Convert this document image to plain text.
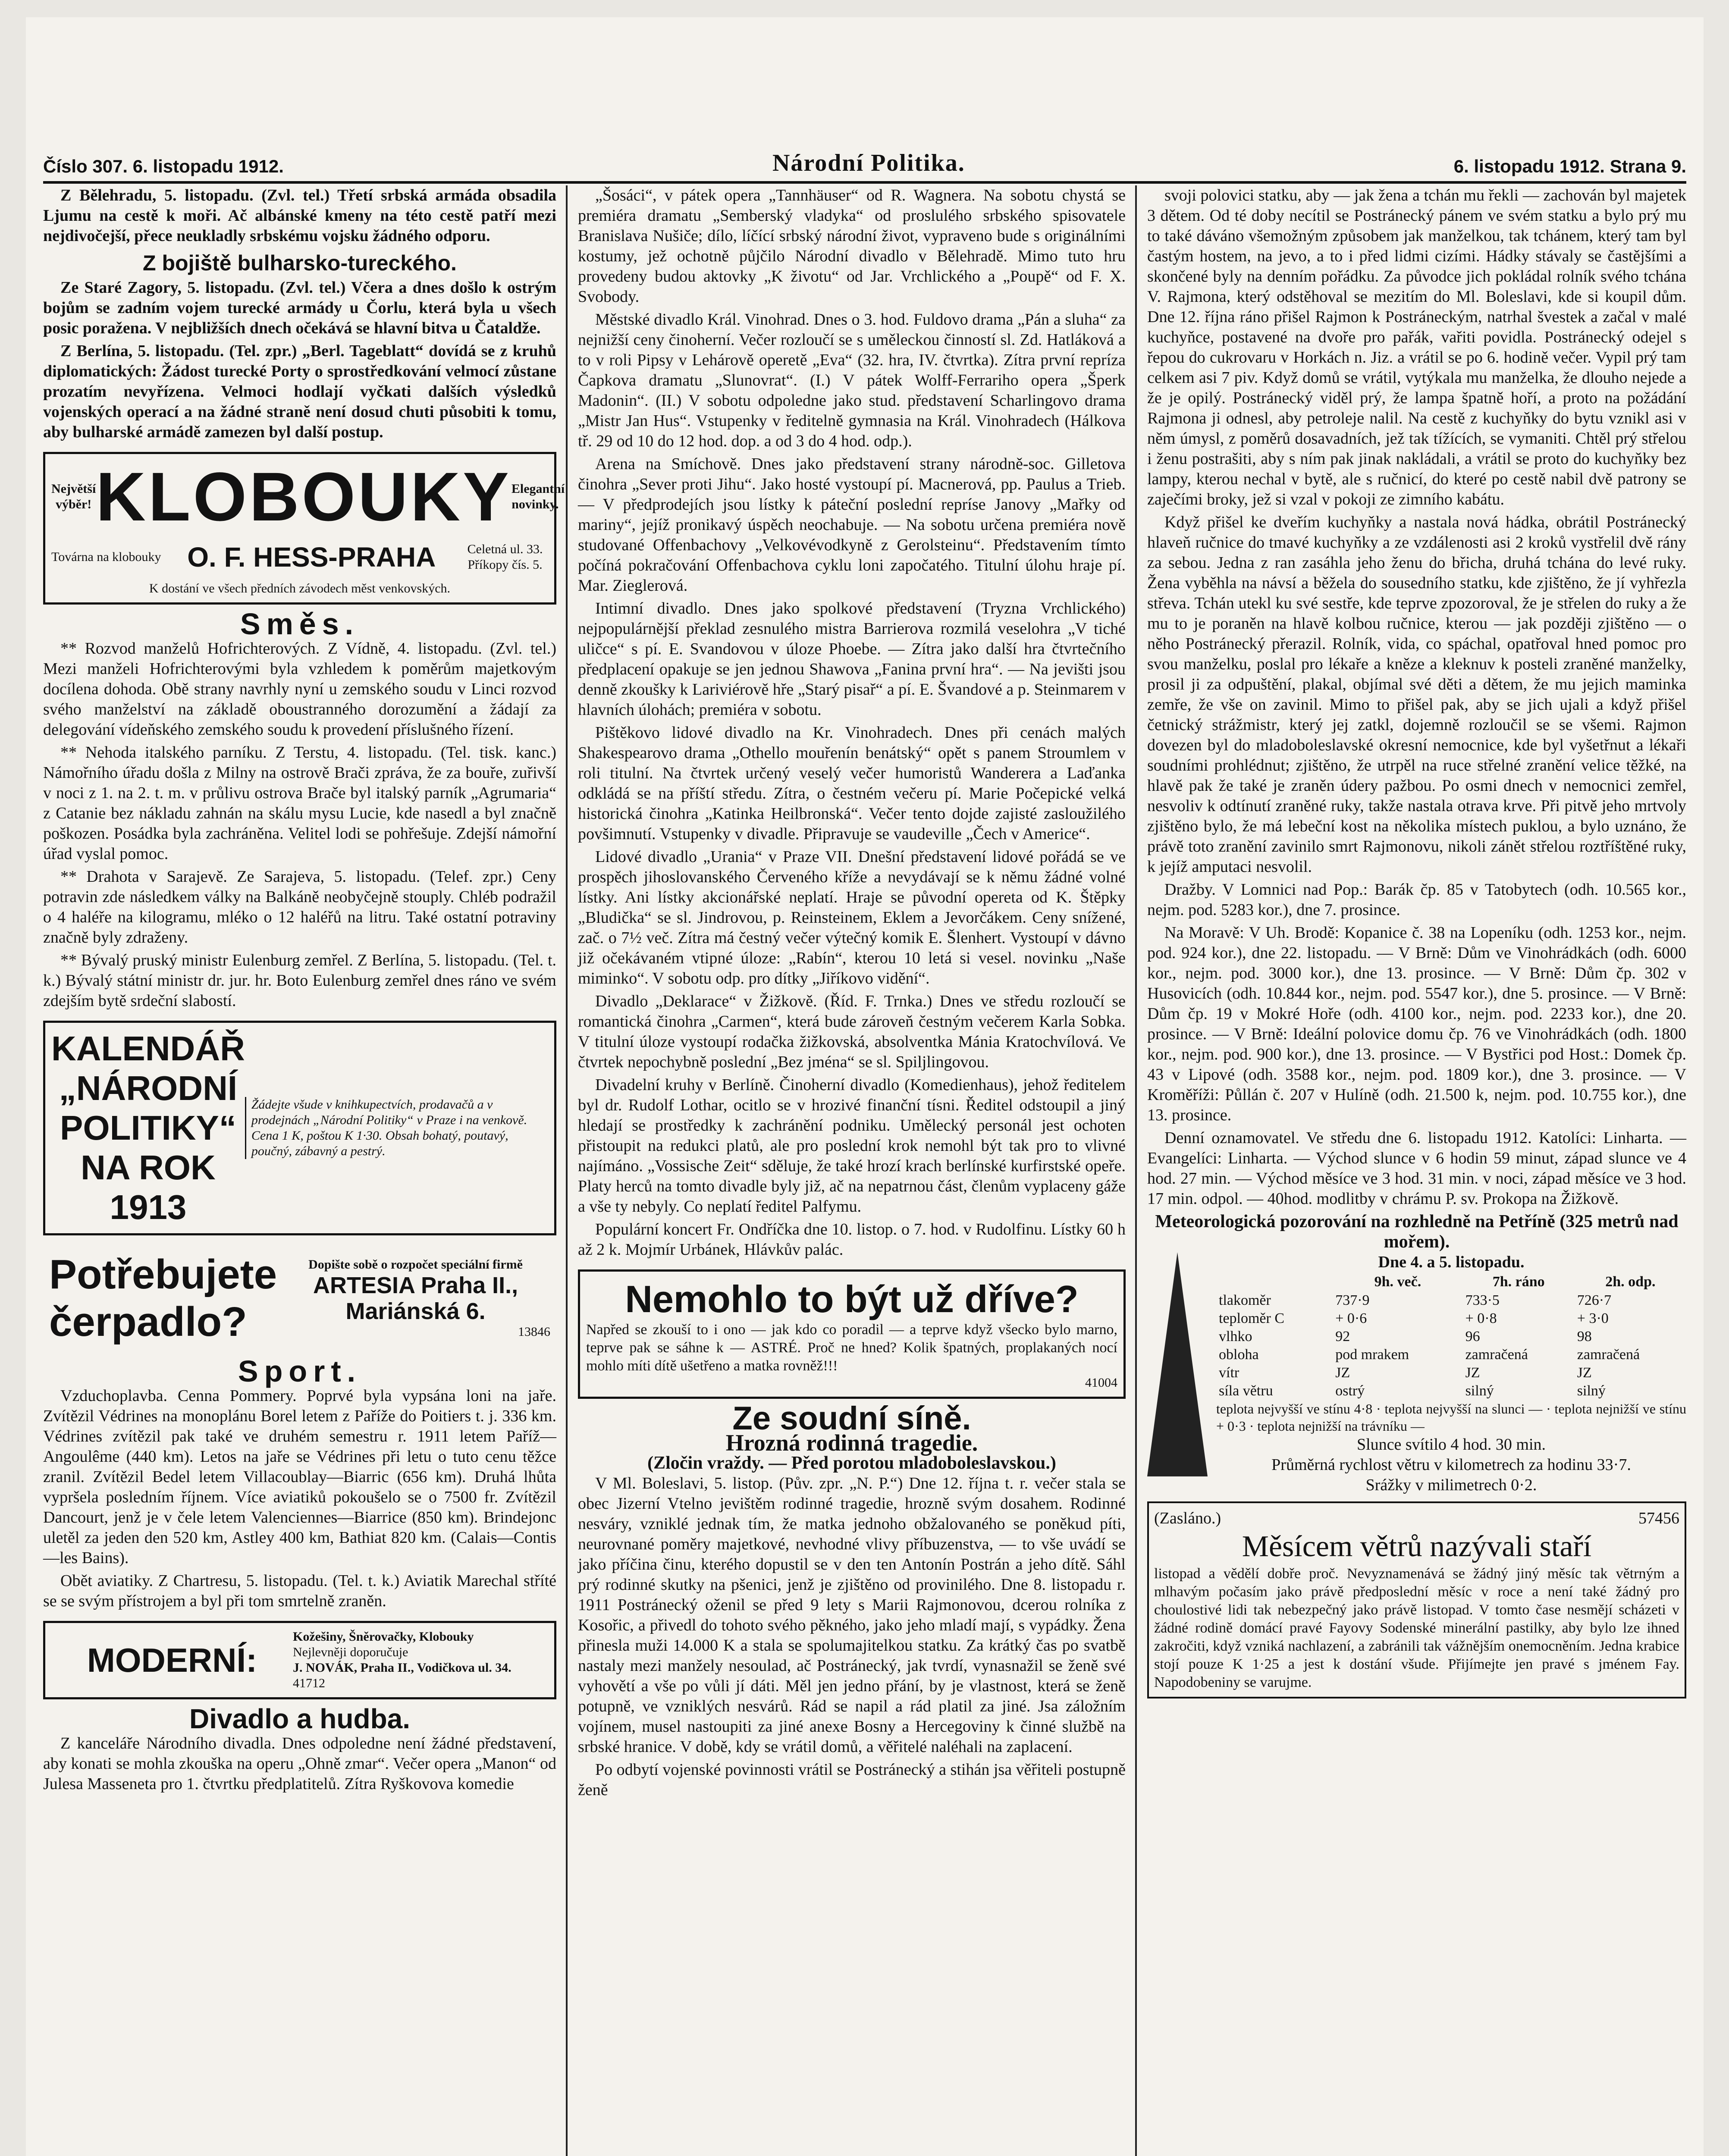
Číslo 307. 6. listopadu 1912.	Národní Politika.	6. listopadu 1912. Strana 9.

Z Bělehradu, 5. listopadu. (Zvl. tel.) Třetí srbská armáda obsadila Ljumu na cestě k moři. Ač albánské kmeny na této cestě patří mezi nejdivočejší, přece neukladly srbskému vojsku žádného odporu.

Z bojiště bulharsko-tureckého.

Ze Staré Zagory, 5. listopadu. (Zvl. tel.) Včera a dnes došlo k ostrým bojům se zadním vojem turecké armády u Čorlu, která byla u všech posic poražena. V nejbližších dnech očekává se hlavní bitva u Čataldže.

Z Berlína, 5. listopadu. (Tel. zpr.) „Berl. Tageblatt“ dovídá se z kruhů diplomatických: Žádost turecké Porty o sprostředkování velmocí zůstane prozatím nevyřízena. Velmoci hodlají vyčkati dalších výsledků vojenských operací a na žádné straně není dosud chuti působiti k tomu, aby bulharské armádě zamezen byl další postup.

Největší výběr! KLOBOUKY Elegantní novinky.
Továrna na klobouky O. F. HESS-PRAHA	Celetná ul. 33. Příkopy čís. 5.
K dostání ve všech předních závodech měst venkovských.
Směs.

** Rozvod manželů Hofrichterových. Z Vídně, 4. listopadu. (Zvl. tel.) Mezi manželi Hofrichterovými byla vzhledem k poměrům majetkovým docílena dohoda. Obě strany navrhly nyní u zemského soudu v Linci rozvod svého manželství na základě oboustranného dorozumění a žádají za delegování vídeňského zemského soudu k provedení příslušného řízení.

** Nehoda italského parníku. Z Terstu, 4. listopadu. (Tel. tisk. kanc.) Námořního úřadu došla z Milny na ostrově Brači zpráva, že za bouře, zuřivší v noci z 1. na 2. t. m. v průlivu ostrova Brače byl italský parník „Agrumaria“ z Catanie bez nákladu zahnán na skálu mysu Lucie, kde nasedl a byl značně poškozen. Posádka byla zachráněna. Velitel lodi se pohřešuje. Zdejší námořní úřad vyslal pomoc.

** Drahota v Sarajevě. Ze Sarajeva, 5. listopadu. (Telef. zpr.) Ceny potravin zde následkem války na Balkáně neobyčejně stouply. Chléb podražil o 4 haléře na kilogramu, mléko o 12 haléřů na litru. Také ostatní potraviny značně byly zdraženy.

** Bývalý pruský ministr Eulenburg zemřel. Z Berlína, 5. listopadu. (Tel. t. k.) Bývalý státní ministr dr. jur. hr. Boto Eulenburg zemřel dnes ráno ve svém zdejším bytě srdeční slabostí.

KALENDÁŘ „NÁRODNÍ POLITIKY“ NA ROK 1913
Žádejte všude v knihkupectvích, prodavačů a v prodejnách „Národní Politiky“ v Praze i na venkově. Cena 1 K, poštou K 1·30. Obsah bohatý, poutavý, poučný, zábavný a pestrý.
Potřebujete čerpadlo?
Dopište sobě o rozpočet speciální firmě
ARTESIA Praha II., Mariánská 6.
13846
Sport.

Vzduchoplavba. Cenna Pommery. Poprvé byla vypsána loni na jaře. Zvítězil Védrines na monoplánu Borel letem z Paříže do Poitiers t. j. 336 km. Védrines zvítězil pak také ve druhém semestru r. 1911 letem Paříž—Angoulême (440 km). Letos na jaře se Védrines při letu o tuto cenu těžce zranil. Zvítězil Bedel letem Villacoublay—Biarric (656 km). Druhá lhůta vypršela posledním říjnem. Více aviatiků pokoušelo se o 7500 fr. Zvítězil Dancourt, jenž je v čele letem Valenciennes—Biarrice (850 km). Brindejonc uletěl za jeden den 520 km, Astley 400 km, Bathiat 820 km. (Calais—Contis—les Bains).

Obět aviatiky. Z Chartresu, 5. listopadu. (Tel. t. k.) Aviatik Marechal stříté se se svým přístrojem a byl při tom smrtelně zraněn.

MODERNÍ:
Kožešiny, Šněrovačky, Klobouky
Nejlevněji doporučuje
J. NOVÁK, Praha II., Vodičkova ul. 34.
41712
Divadlo a hudba.

Z kanceláře Národního divadla. Dnes odpoledne není žádné představení, aby konati se mohla zkouška na operu „Ohně zmar“. Večer opera „Manon“ od Julesa Masseneta pro 1. čtvrtku předplatitelů. Zítra Ryškovova komedie

„Šosáci“, v pátek opera „Tannhäuser“ od R. Wagnera. Na sobotu chystá se premiéra dramatu „Semberský vladyka“ od proslulého srbského spisovatele Branislava Nušiče; dílo, líčící srbský národní život, vypraveno bude s originálními kostumy, jež ochotně půjčilo Národní divadlo v Bělehradě. Mimo tuto hru provedeny budou aktovky „K životu“ od Jar. Vrchlického a „Poupě“ od F. X. Svobody.

Městské divadlo Král. Vinohrad. Dnes o 3. hod. Fuldovo drama „Pán a sluha“ za nejnižší ceny činoherní. Večer rozloučí se s uměleckou činností sl. Zd. Hatláková a to v roli Pipsy v Lehárově operetě „Eva“ (32. hra, IV. čtvrtka). Zítra první repríza Čapkova dramatu „Slunovrat“. (I.) V pátek Wolff-Ferrariho opera „Šperk Madonin“. (II.) V sobotu odpoledne jako stud. představení Scharlingovo drama „Mistr Jan Hus“. Vstupenky v ředitelně gymnasia na Král. Vinohradech (Hálkova tř. 29 od 10 do 12 hod. dop. a od 3 do 4 hod. odp.).

Arena na Smíchově. Dnes jako představení strany národně-soc. Gilletova činohra „Sever proti Jihu“. Jako hosté vystoupí pí. Macnerová, pp. Paulus a Trieb. — V předprodejích jsou lístky k páteční poslední repríse Janovy „Mařky od mariny“, jejíž pronikavý úspěch neochabuje. — Na sobotu určena premiéra nově studované Offenbachovy „Velkovévodkyně z Gerolsteinu“. Představením tímto počíná pokračování Offenbachova cyklu loni započatého. Titulní úlohu hraje pí. Mar. Zieglerová.

Intimní divadlo. Dnes jako spolkové představení (Tryzna Vrchlického) nejpopulárnější překlad zesnulého mistra Barrierova rozmilá veselohra „V tiché uličce“ s pí. E. Svandovou v úloze Phoebe. — Zítra jako další hra čtvrtečního předplacení opakuje se jen jednou Shawova „Fanina první hra“. — Na jevišti jsou denně zkoušky k Lariviérově hře „Starý pisař“ a pí. E. Švandové a p. Steinmarem v hlavních úlohách; premiéra v sobotu.

Pištěkovo lidové divadlo na Kr. Vinohradech. Dnes při cenách malých Shakespearovo drama „Othello mouřenín benátský“ opět s panem Stroumlem v roli titulní. Na čtvrtek určený veselý večer humoristů Wanderera a Laďanka odkládá se na příští středu. Zítra, o čestném večeru pí. Marie Počepické velká historická činohra „Katinka Heilbronská“. Večer tento dojde zajisté zasloužilého povšimnutí. Vstupenky v divadle. Připravuje se vaudeville „Čech v Americe“.

Lidové divadlo „Urania“ v Praze VII. Dnešní představení lidové pořádá se ve prospěch jihoslovanského Červeného kříže a nevydávají se k němu žádné volné lístky. Ani lístky akcionářské neplatí. Hraje se původní opereta od K. Štěpky „Bludička“ se sl. Jindrovou, p. Reinsteinem, Eklem a Jevorčákem. Ceny snížené, zač. o 7½ več. Zítra má čestný večer výtečný komik E. Šlenhert. Vystoupí v dávno již očekávaném vtipné úloze: „Rabín“, kterou 10 letá si vesel. novinku „Naše miminko“. V sobotu odp. pro dítky „Jiříkovo vidění“.

Divadlo „Deklarace“ v Žižkově. (Říd. F. Trnka.) Dnes ve středu rozloučí se romantická činohra „Carmen“, která bude zároveň čestným večerem Karla Sobka. V titulní úloze vystoupí rodačka žižkovská, absolventka Mánia Kratochvílová. Ve čtvrtek nepochybně poslední „Bez jména“ se sl. Spiljlingovou.

Divadelní kruhy v Berlíně. Činoherní divadlo (Komedienhaus), jehož ředitelem byl dr. Rudolf Lothar, ocitlo se v hrozivé finanční tísni. Ředitel odstoupil a jiný hledají se prostředky k zachránění podniku. Umělecký personál jest ochoten přistoupit na redukci platů, ale pro poslední krok nemohl být tak pro to vlivné najímáno. „Vossische Zeit“ sděluje, že také hrozí krach berlínské kurfirstské opeře. Platy herců na tomto divadle byly již, ač na nepatrnou část, členům vyplaceny gáže a vše ty nebyly. Co neplatí ředitel Palfymu.

Populární koncert Fr. Ondříčka dne 10. listop. o 7. hod. v Rudolfinu. Lístky 60 h až 2 k. Mojmír Urbánek, Hlávkův palác.

Nemohlo to být už dříve?
Napřed se zkouší to i ono — jak kdo co poradil — a teprve když všecko bylo marno, teprve pak se sáhne k — ASTRÉ. Proč ne hned? Kolik špatných, proplakaných nocí mohlo míti dítě ušetřeno a matka rovněž!!!
41004
Ze soudní síně.
Hrozná rodinná tragedie.
(Zločin vraždy. — Před porotou mladoboleslavskou.)

V Ml. Boleslavi, 5. listop. (Pův. zpr. „N. P.“) Dne 12. října t. r. večer stala se obec Jizerní Vtelno jevištěm rodinné tragedie, hrozně svým dosahem. Rodinné nesváry, vzniklé jednak tím, že matka jednoho obžalovaného se poněkud píti, neurovnané poměry majetkové, nevhodné vlivy příbuzenstva, — to vše uvádí se jako příčina činu, kterého dopustil se v den ten Antonín Postrán a jeho dítě. Sáhl prý rodinné skutky na pšenici, jenž je zjištěno od provinilého. Dne 8. listopadu r. 1911 Postránecký oženil se před 9 lety s Marii Rajmonovou, dcerou rolníka z Kosořic, a přivedl do tohoto svého pěkného, jako jeho mladí mají, s vypádky. Žena přinesla muži 14.000 K a stala se spolumajitelkou statku. Za krátký čas po svatbě nastaly mezi manžely nesoulad, ač Postránecký, jak tvrdí, vynasnažil se ženě své vyhovětí a vše po vůli jí dáti. Měl jen jedno přání, by je vlastnost, která se ženě potupně, ve vzniklých nesvárů. Rád se napil a rád platil za jiné. Jsa záložním vojínem, musel nastoupiti za jiné anexe Bosny a Hercegoviny k činné službě na srbské hranice. V době, kdy se vrátil domů, a věřitelé naléhali na zaplacení.

Po odbytí vojenské povinnosti vrátil se Postránecký a stihán jsa věřiteli postupně ženě

svoji polovici statku, aby — jak žena a tchán mu řekli — zachován byl majetek 3 dětem. Od té doby necítil se Postránecký pánem ve svém statku a bylo prý mu to také dáváno všemožným způsobem jak manželkou, tak tchánem, který tam byl častým hostem, na jevo, a to i před lidmi cizími. Hádky stávaly se častějšími a skončené byly na denním pořádku. Za původce jich pokládal rolník svého tchána V. Rajmona, který odstěhoval se mezitím do Ml. Boleslavi, kde si koupil dům. Dne 12. října ráno přišel Rajmon k Postráneckým, natrhal švestek a začal v malé kuchyňce, postavené na dvoře pro pařák, vařiti povidla. Postránecký odejel s řepou do cukrovaru v Horkách n. Jiz. a vrátil se po 6. hodině večer. Vypil prý tam celkem asi 7 piv. Když domů se vrátil, vytýkala mu manželka, že dlouho nejede a že je opilý. Postránecký viděl prý, že lampa špatně hoří, a proto na požádání Rajmona ji odnesl, aby petroleje nalil. Na cestě z kuchyňky do bytu vznikl asi v něm úmysl, z poměrů dosavadních, jež tak tížících, se vymaniti. Chtěl prý střelou i ženu postrašiti, aby s ním pak jinak nakládali, a vrátil se proto do kuchyňky bez lampy, kterou nechal v bytě, ale s ručnicí, do které po cestě nabil dvě patrony se zaječími broky, jež si vzal v pokoji ze zimního kabátu.

Když přišel ke dveřím kuchyňky a nastala nová hádka, obrátil Postránecký hlaveň ručnice do tmavé kuchyňky a ze vzdálenosti asi 2 kroků vystřelil dvě rány za sebou. Jedna z ran zasáhla jeho ženu do břicha, druhá tchána do levé ruky. Žena vyběhla na návsí a běžela do sousedního statku, kde zjištěno, že jí vyhřezla střeva. Tchán utekl ku své sestře, kde teprve zpozoroval, že je střelen do ruky a že mu to je poraněn na hlavě kolbou ručnice, kterou — jak později zjištěno — o něho Postránecký přerazil. Rolník, vida, co spáchal, opatřoval hned pomoc pro svou manželku, poslal pro lékaře a kněze a kleknuv k posteli zraněné manželky, prosil ji za odpuštění, plakal, objímal své děti a dětem, že mu jejich maminka zemře, že vše on zavinil. Mimo to přišel pak, aby se jich ujali a když přišel četnický strážmistr, který jej zatkl, dojemně rozloučil se se všemi. Rajmon dovezen byl do mladoboleslavské okresní nemocnice, kde byl vyšetřnut a lékaři soudními prohlédnut; zjištěno, že utrpěl na ruce střelné zranění velice těžké, na hlavě pak že také je zraněn údery pažbou. Po osmi dnech v nemocnici zemřel, nesvoliv k odtínutí zraněné ruky, takže nastala otrava krve. Při pitvě jeho mrtvoly zjištěno bylo, že má lebeční kost na několika místech puklou, a bylo uznáno, že právě toto zranění zavinilo smrt Rajmonovu, nikoli zánět střelou roztříštěné ruky, k jejíž amputaci nesvolil.

Dražby. V Lomnici nad Pop.: Barák čp. 85 v Tatobytech (odh. 10.565 kor., nejm. pod. 5283 kor.), dne 7. prosince.

Na Moravě: V Uh. Brodě: Kopanice č. 38 na Lopeníku (odh. 1253 kor., nejm. pod. 924 kor.), dne 22. listopadu. — V Brně: Dům ve Vinohrádkách (odh. 6000 kor., nejm. pod. 3000 kor.), dne 13. prosince. — V Brně: Dům čp. 302 v Husovicích (odh. 10.844 kor., nejm. pod. 5547 kor.), dne 5. prosince. — V Brně: Dům čp. 19 v Mokré Hoře (odh. 4100 kor., nejm. pod. 2233 kor.), dne 20. prosince. — V Brně: Ideální polovice domu čp. 76 ve Vinohrádkách (odh. 1800 kor., nejm. pod. 900 kor.), dne 13. prosince. — V Bystřici pod Host.: Domek čp. 43 v Lipové (odh. 3588 kor., nejm. pod. 1809 kor.), dne 3. prosince. — V Kroměříži: Půllán č. 207 v Hulíně (odh. 21.500 k, nejm. pod. 10.755 kor.), dne 13. prosince.

Denní oznamovatel. Ve středu dne 6. listopadu 1912. Katolíci: Linharta. — Evangelíci: Linharta. — Východ slunce v 6 hodin 59 minut, západ slunce ve 4 hod. 27 min. — Východ měsíce ve 3 hod. 31 min. v noci, západ měsíce ve 3 hod. 17 min. odpol. — 40hod. modlitby v chrámu P. sv. Prokopa na Žižkově.

Meteorologická pozorování na rozhledně na Petříně (325 metrů nad mořem).
Dne 4. a 5. listopadu.
	9h. več.	7h. ráno	2h. odp.
tlakoměr	737·9	733·5	726·7
teploměr C	+ 0·6	+ 0·8	+ 3·0
vlhko	92	96	98
obloha	pod mrakem	zamračená	zamračená
vítr	JZ	JZ	JZ
síla větru	ostrý	silný	silný
teplota nejvyšší ve stínu 4·8 · teplota nejvyšší na slunci — · teplota nejnižší ve stínu + 0·3 · teplota nejnižší na trávníku —
Slunce svítilo 4 hod. 30 min.
Průměrná rychlost větru v kilometrech za hodinu 33·7.
Srážky v milimetrech 0·2.
(Zasláno.)	57456
Měsícem větrů nazývali staří
listopad a vědělí dobře proč. Nevyznamenává se žádný jiný měsíc tak větrným a mlhavým počasím jako právě předposlední měsíc v roce a není také žádný pro choulostivé lidi tak nebezpečný jako právě listopad. V tomto čase nesmějí scházeti v žádné rodině domácí pravé Fayovy Sodenské minerální pastilky, aby bylo lze ihned zakročiti, když vzniká nachlazení, a zabránili tak vážnějším onemocněním. Jedna krabice stojí pouze K 1·25 a jest k dostání všude. Přijímejte jen pravé s jménem Fay. Napodobeniny se varujme.
